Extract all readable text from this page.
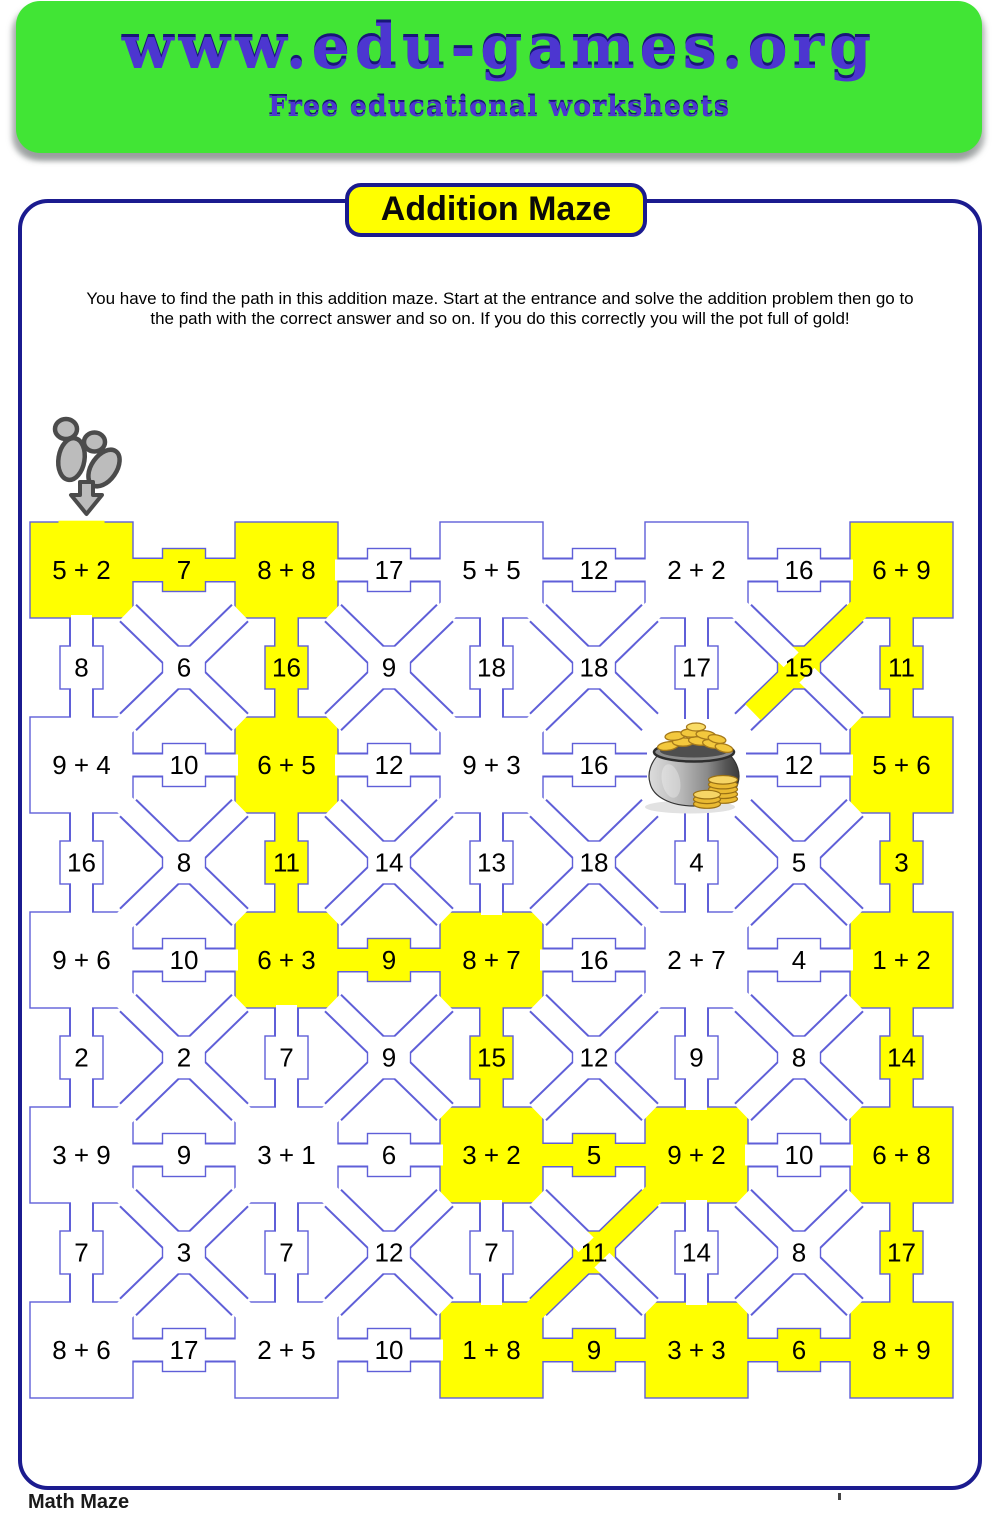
www.edu-games.org
Free educational worksheets
5 + 2	8 + 8	5 + 5	2 + 2	6 + 9
9 + 4	6 + 5	9 + 3	5 + 6
9 + 6	6 + 3	8 + 7	2 + 7	1 + 2
3 + 9	3 + 1	3 + 2	9 + 2	6 + 8
8 + 6	2 + 5	1 + 8	3 + 3	8 + 9
7	17	12	16
10	12	16	12
10	9	16	4
9	6	5	10
17	10	9	6
8	16	18	17	11
16	11	13	4	3
2	7	15	9	14
7	7	7	14	17
6	9	18	15
8	14	18	5
2	9	12	8
3	12	11	8
Addition Maze
You have to find the path in this addition maze. Start at the entrance and solve the addition problem then go to
the path with the correct answer and so on. If you do this correctly you will the pot full of gold!
Math Maze
